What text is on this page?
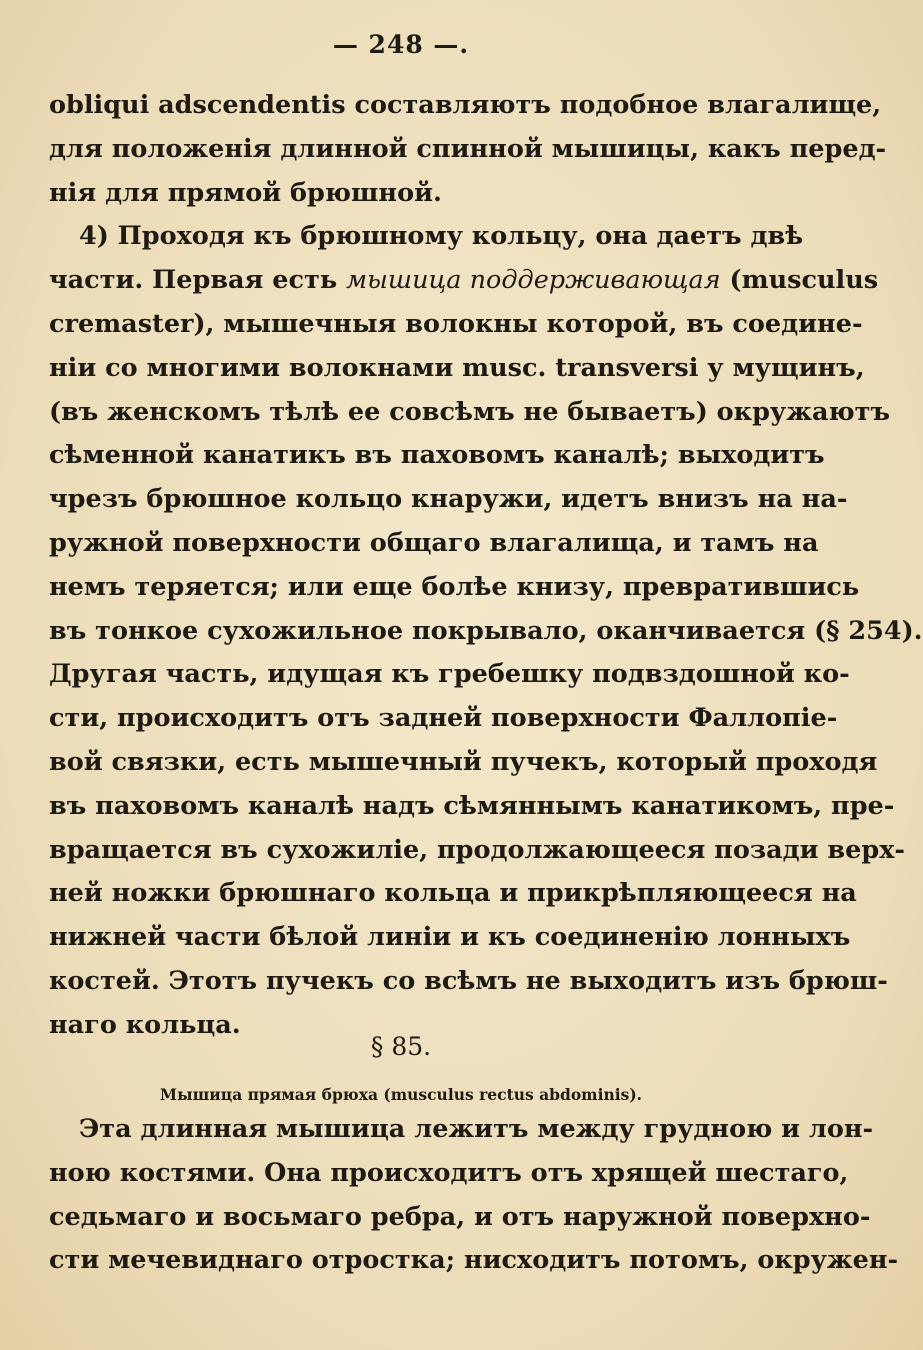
— 248 —.
obliqui adscendentis составляютъ подобное влагалище,
для положенія длинной спинной мышицы, какъ перед-
нія для прямой брюшной.
4) Проходя къ брюшному кольцу, она даетъ двѣ
части. Первая есть мышица поддерживающая (musculus
cremaster), мышечныя волокны которой, въ соедине-
ніи со многими волокнами musc. transversi у мущинъ,
(въ женскомъ тѣлѣ ее совсѣмъ не бываетъ) окружаютъ
сѣменной канатикъ въ паховомъ каналѣ; выходитъ
чрезъ брюшное кольцо кнаружи, идетъ внизъ на на-
ружной поверхности общаго влагалища, и тамъ на
немъ теряется; или еще болѣе книзу, превратившись
въ тонкое сухожильное покрывало, оканчивается (§ 254).
Другая часть, идущая къ гребешку подвздошной ко-
сти, происходитъ отъ задней поверхности Фаллопіе-
вой связки, есть мышечный пучекъ, который проходя
въ паховомъ каналѣ надъ сѣмяннымъ канатикомъ, пре-
вращается въ сухожиліе, продолжающееся позади верх-
ней ножки брюшнаго кольца и прикрѣпляющееся на
нижней части бѣлой линіи и къ соединенію лонныхъ
костей. Этотъ пучекъ со всѣмъ не выходитъ изъ брюш-
наго кольца.
§ 85.
Мышица прямая брюха (musculus rectus abdominis).
Эта длинная мышица лежитъ между грудною и лон-
ною костями. Она происходитъ отъ хрящей шестаго,
седьмаго и восьмаго ребра, и отъ наружной поверхно-
сти мечевиднаго отростка; нисходитъ потомъ, окружен-
